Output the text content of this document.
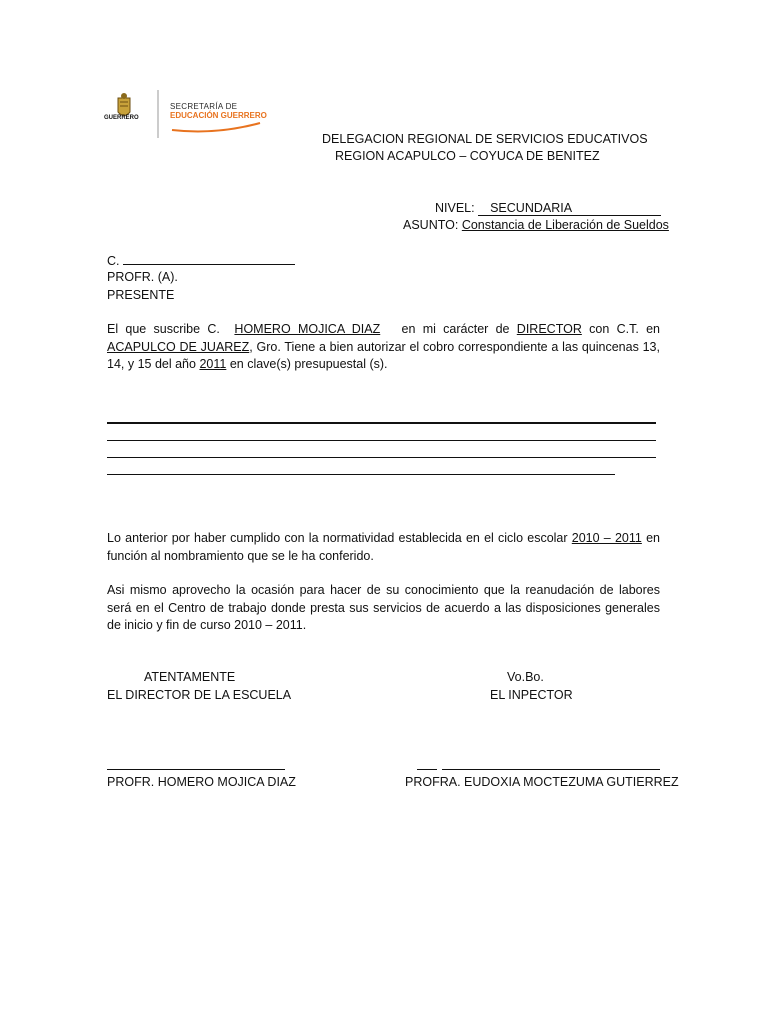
GUERRERO
SECRETARÍA DE
EDUCACIÓN GUERRERO
DELEGACION REGIONAL DE SERVICIOS EDUCATIVOS
REGION ACAPULCO – COYUCA DE BENITEZ
NIVEL: SECUNDARIA
ASUNTO: Constancia de Liberación de Sueldos
C.
PROFR. (A).
PRESENTE
El que suscribe C. HOMERO MOJICA DIAZ en mi carácter de DIRECTOR con C.T. en ACAPULCO DE JUAREZ, Gro. Tiene a bien autorizar el cobro correspondiente a las quincenas 13, 14, y 15 del año 2011 en clave(s) presupuestal (s).
Lo anterior por haber cumplido con la normatividad establecida en el ciclo escolar 2010 – 2011 en función al nombramiento que se le ha conferido.
Asi mismo aprovecho la ocasión para hacer de su conocimiento que la reanudación de labores será en el Centro de trabajo donde presta sus servicios de acuerdo a las disposiciones generales de inicio y fin de curso 2010 – 2011.
ATENTAMENTE
EL DIRECTOR DE LA ESCUELA
Vo.Bo.
EL INPECTOR
PROFR. HOMERO MOJICA DIAZ	PROFRA. EUDOXIA MOCTEZUMA GUTIERREZ
